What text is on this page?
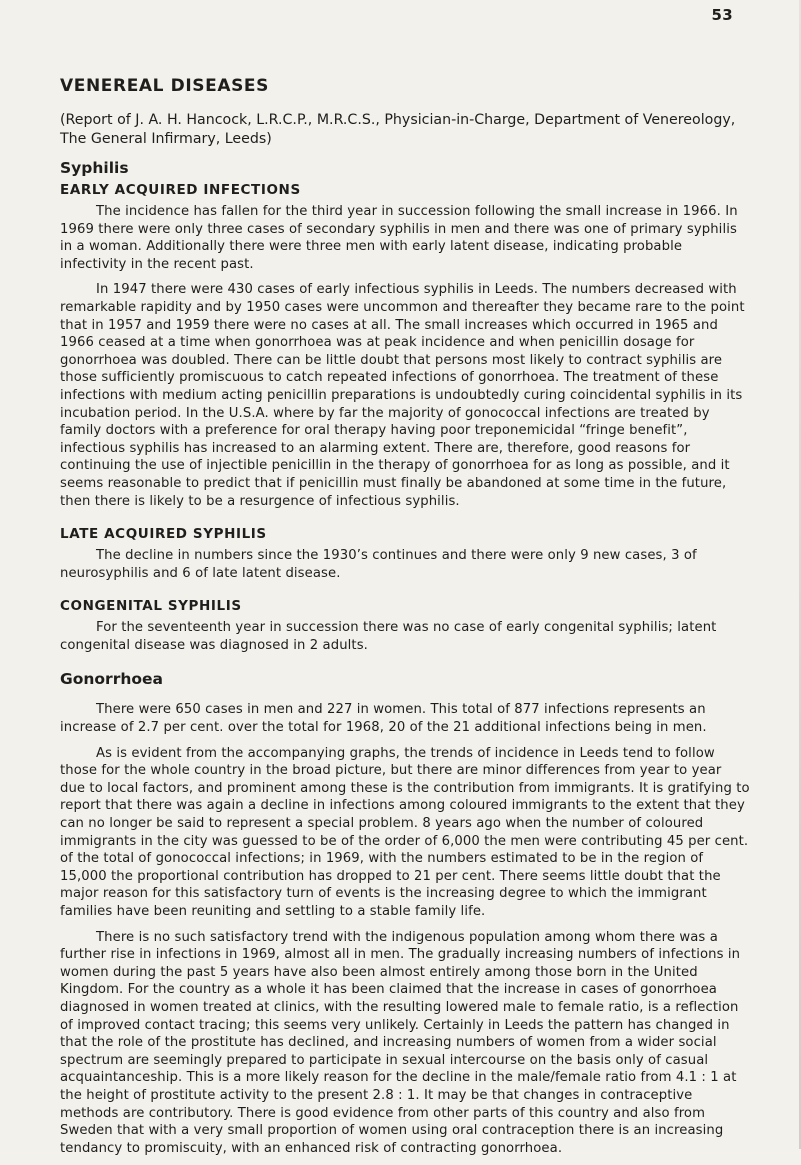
53
VENEREAL DISEASES
(Report of J. A. H. Hancock, L.R.C.P., M.R.C.S., Physician-in-Charge, Department of Venereology, The General Infirmary, Leeds)
Syphilis
EARLY ACQUIRED INFECTIONS

The incidence has fallen for the third year in succession following the small increase in 1966. In 1969 there were only three cases of secondary syphilis in men and there was one of primary syphilis in a woman. Additionally there were three men with early latent disease, indicating probable infectivity in the recent past.

In 1947 there were 430 cases of early infectious syphilis in Leeds. The numbers decreased with remarkable rapidity and by 1950 cases were uncommon and thereafter they became rare to the point that in 1957 and 1959 there were no cases at all. The small increases which occurred in 1965 and 1966 ceased at a time when gonorrhoea was at peak incidence and when penicillin dosage for gonorrhoea was doubled. There can be little doubt that persons most likely to contract syphilis are those sufficiently promiscuous to catch repeated infections of gonorrhoea. The treatment of these infections with medium acting penicillin preparations is undoubtedly curing coincidental syphilis in its incubation period. In the U.S.A. where by far the majority of gonococcal infections are treated by family doctors with a preference for oral therapy having poor treponemicidal “fringe benefit”, infectious syphilis has increased to an alarming extent. There are, therefore, good reasons for continuing the use of injectible penicillin in the therapy of gonorrhoea for as long as possible, and it seems reasonable to predict that if penicillin must finally be abandoned at some time in the future, then there is likely to be a resurgence of infectious syphilis.

LATE ACQUIRED SYPHILIS

The decline in numbers since the 1930’s continues and there were only 9 new cases, 3 of neurosyphilis and 6 of late latent disease.

CONGENITAL SYPHILIS

For the seventeenth year in succession there was no case of early congenital syphilis; latent congenital disease was diagnosed in 2 adults.

Gonorrhoea

There were 650 cases in men and 227 in women. This total of 877 infections represents an increase of 2.7 per cent. over the total for 1968, 20 of the 21 additional infections being in men.

As is evident from the accompanying graphs, the trends of incidence in Leeds tend to follow those for the whole country in the broad picture, but there are minor differences from year to year due to local factors, and prominent among these is the contribution from immigrants. It is gratifying to report that there was again a decline in infections among coloured immigrants to the extent that they can no longer be said to represent a special problem. 8 years ago when the number of coloured immigrants in the city was guessed to be of the order of 6,000 the men were contributing 45 per cent. of the total of gonococcal infections; in 1969, with the numbers estimated to be in the region of 15,000 the proportional contribution has dropped to 21 per cent. There seems little doubt that the major reason for this satisfactory turn of events is the increasing degree to which the immigrant families have been reuniting and settling to a stable family life.

There is no such satisfactory trend with the indigenous population among whom there was a further rise in infections in 1969, almost all in men. The gradually increasing numbers of infections in women during the past 5 years have also been almost entirely among those born in the United Kingdom. For the country as a whole it has been claimed that the increase in cases of gonorrhoea diagnosed in women treated at clinics, with the resulting lowered male to female ratio, is a reflection of improved contact tracing; this seems very unlikely. Certainly in Leeds the pattern has changed in that the role of the prostitute has declined, and increasing numbers of women from a wider social spectrum are seemingly prepared to participate in sexual intercourse on the basis only of casual acquaintanceship. This is a more likely reason for the decline in the male/female ratio from 4.1 : 1 at the height of prostitute activity to the present 2.8 : 1. It may be that changes in contraceptive methods are contributory. There is good evidence from other parts of this country and also from Sweden that with a very small proportion of women using oral contraception there is an increasing tendancy to promiscuity, with an enhanced risk of contracting gonorrhoea.
